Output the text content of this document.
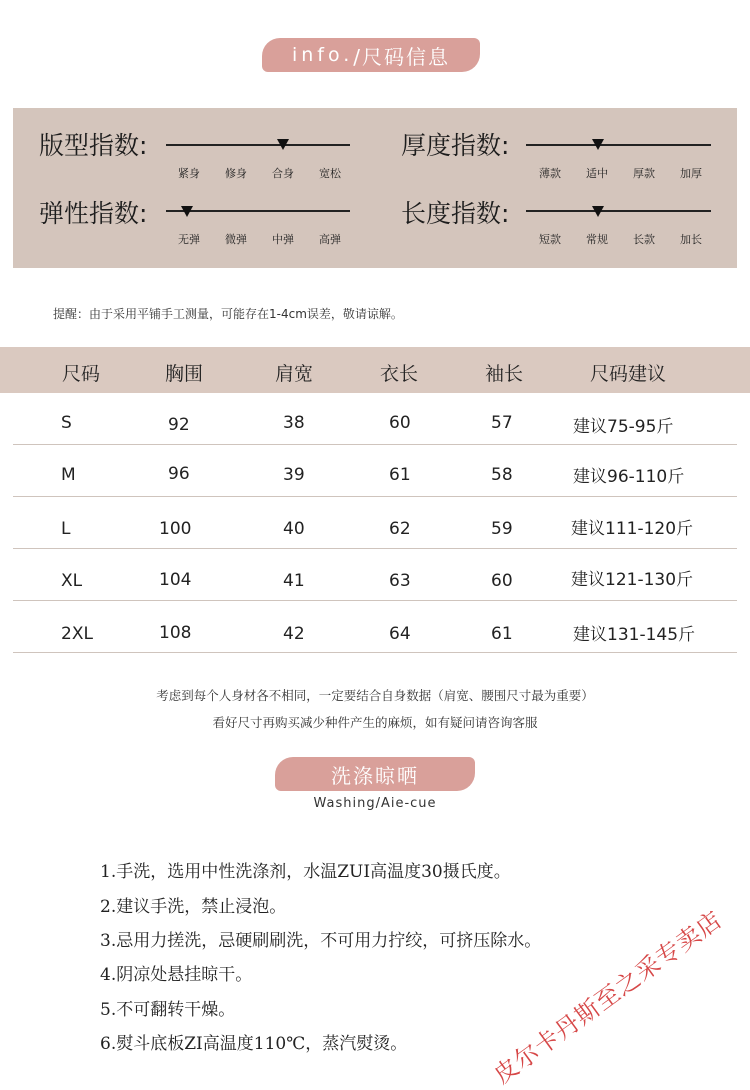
info. /尺码信息
版型指数:
紧身	修身	合身	宽松
厚度指数:
薄款	适中	厚款	加厚
弹性指数:
无弹	微弹	中弹	高弹
长度指数:
短款	常规	长款	加长
提醒：由于采用平铺手工测量，可能存在1-4cm误差，敬请谅解。
尺码	胸围	肩宽	衣长	袖长	尺码建议
S	92	38	60	57	建议75-95斤
M	96	39	61	58	建议96-110斤
L	100	40	62	59	建议111-120斤
XL	104	41	63	60	建议121-130斤
2XL	108	42	64	61	建议131-145斤
考虑到每个人身材各不相同，一定要结合自身数据（肩宽、腰围尺寸最为重要）
看好尺寸再购买减少种件产生的麻烦，如有疑问请咨询客服
洗涤晾晒
Washing/Aie-cue
1.手洗，选用中性洗涤剂，水温ZUI高温度30摄氏度。
2.建议手洗，禁止浸泡。
3.忌用力搓洗，忌硬刷刷洗，不可用力拧绞，可挤压除水。
4.阴凉处悬挂晾干。
5.不可翻转干燥。
6.熨斗底板ZI高温度110℃，蒸汽熨烫。	皮尔卡丹斯至之采专卖店
